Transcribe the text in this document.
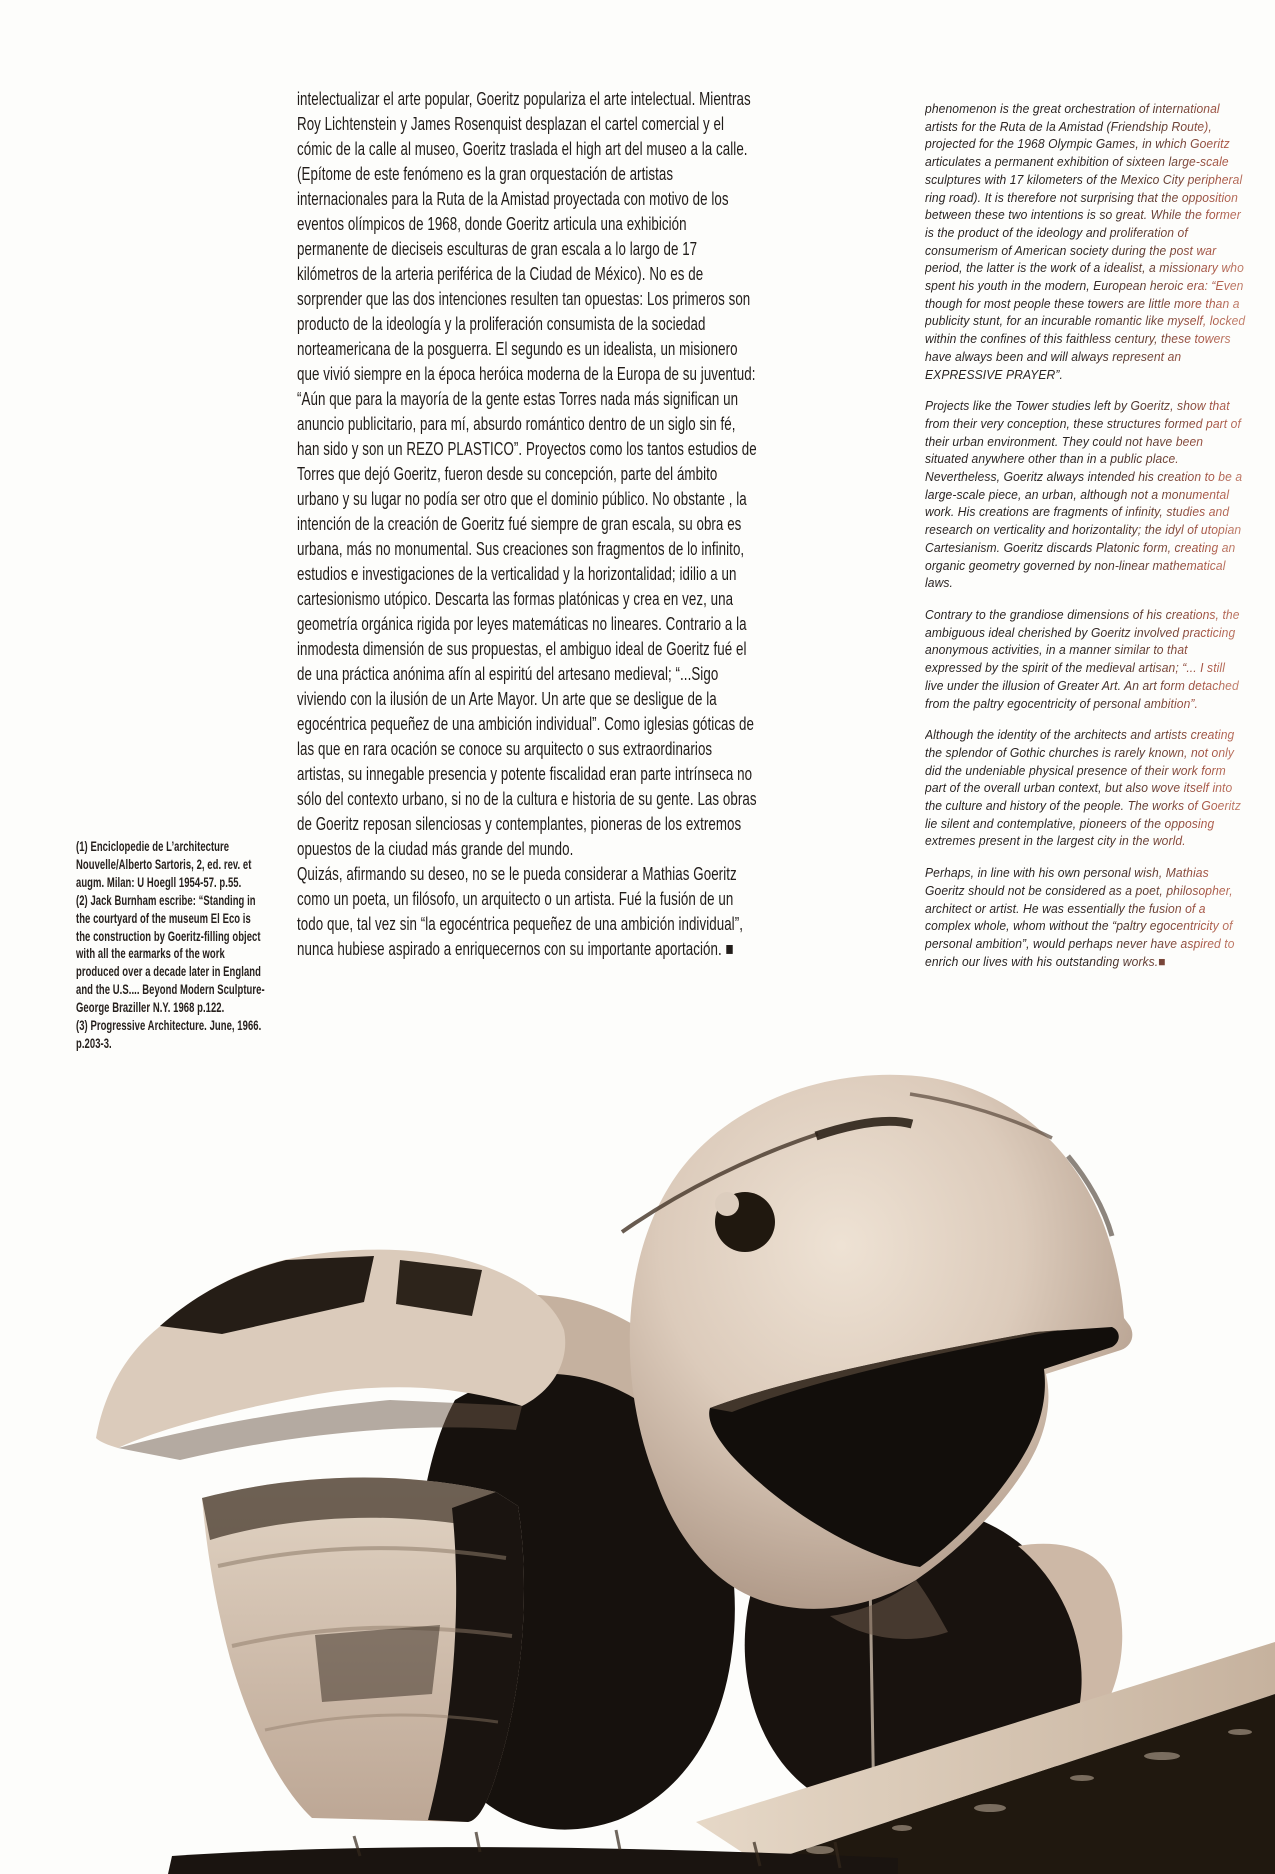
(1) Enciclopedie de L’architecture Nouvelle/Alberto Sartoris, 2, ed. rev. et augm. Milan: U Hoegll 1954-57. p.55.

(2) Jack Burnham escribe: “Standing in the courtyard of the museum El Eco is the construction by Goeritz-filling object with all the earmarks of the work produced over a decade later in England and the U.S.... Beyond Modern Sculpture- George Braziller N.Y. 1968 p.122.

(3) Progressive Architecture. June, 1966. p.203-3.

intelectualizar el arte popular, Goeritz populariza el arte intelectual. Mientras Roy Lichtenstein y James Rosenquist desplazan el cartel comercial y el cómic de la calle al museo, Goeritz traslada el high art del museo a la calle. (Epítome de este fenómeno es la gran orquestación de artistas internacionales para la Ruta de la Amistad proyectada con motivo de los eventos olímpicos de 1968, donde Goeritz articula una exhibición permanente de dieciseis esculturas de gran escala a lo largo de 17 kilómetros de la arteria periférica de la Ciudad de México). No es de sorprender que las dos intenciones resulten tan opuestas: Los primeros son producto de la ideología y la proliferación consumista de la sociedad norteamericana de la posguerra. El segundo es un idealista, un misionero que vivió siempre en la época heróica moderna de la Europa de su juventud: “Aún que para la mayoría de la gente estas Torres nada más significan un anuncio publicitario, para mí, absurdo romántico dentro de un siglo sin fé, han sido y son un REZO PLASTICO”. Proyectos como los tantos estudios de Torres que dejó Goeritz, fueron desde su concepción, parte del ámbito urbano y su lugar no podía ser otro que el dominio público. No obstante , la intención de la creación de Goeritz fué siempre de gran escala, su obra es urbana, más no monumental. Sus creaciones son fragmentos de lo infinito, estudios e investigaciones de la verticalidad y la horizontalidad; idilio a un cartesionismo utópico. Descarta las formas platónicas y crea en vez, una geometría orgánica rigida por leyes matemáticas no lineares. Contrario a la inmodesta dimensión de sus propuestas, el ambiguo ideal de Goeritz fué el de una práctica anónima afín al espiritú del artesano medieval; “...Sigo viviendo con la ilusión de un Arte Mayor. Un arte que se desligue de la egocéntrica pequeñez de una ambición individual”. Como iglesias góticas de las que en rara ocación se conoce su arquitecto o sus extraordinarios artistas, su innegable presencia y potente fiscalidad eran parte intrínseca no sólo del contexto urbano, si no de la cultura e historia de su gente. Las obras de Goeritz reposan silenciosas y contemplantes, pioneras de los extremos opuestos de la ciudad más grande del mundo.

Quizás, afirmando su deseo, no se le pueda considerar a Mathias Goeritz como un poeta, un filósofo, un arquitecto o un artista. Fué la fusión de un todo que, tal vez sin “la egocéntrica pequeñez de una ambición individual”, nunca hubiese aspirado a enriquecernos con su importante aportación. ■

phenomenon is the great orchestration of international artists for the Ruta de la Amistad (Friendship Route), projected for the 1968 Olympic Games, in which Goeritz articulates a permanent exhibition of sixteen large-scale sculptures with 17 kilometers of the Mexico City peripheral ring road). It is therefore not surprising that the opposition between these two intentions is so great. While the former is the product of the ideology and proliferation of consumerism of American society during the post war period, the latter is the work of a idealist, a missionary who spent his youth in the modern, European heroic era: “Even though for most people these towers are little more than a publicity stunt, for an incurable romantic like myself, locked within the confines of this faithless century, these towers have always been and will always represent an EXPRESSIVE PRAYER”.

Projects like the Tower studies left by Goeritz, show that from their very conception, these structures formed part of their urban environment. They could not have been situated anywhere other than in a public place. Nevertheless, Goeritz always intended his creation to be a large-scale piece, an urban, although not a monumental work. His creations are fragments of infinity, studies and research on verticality and horizontality; the idyl of utopian Cartesianism. Goeritz discards Platonic form, creating an organic geometry governed by non-linear mathematical laws.

Contrary to the grandiose dimensions of his creations, the ambiguous ideal cherished by Goeritz involved practicing anonymous activities, in a manner similar to that expressed by the spirit of the medieval artisan; “... I still live under the illusion of Greater Art. An art form detached from the paltry egocentricity of personal ambition”.

Although the identity of the architects and artists creating the splendor of Gothic churches is rarely known, not only did the undeniable physical presence of their work form part of the overall urban context, but also wove itself into the culture and history of the people. The works of Goeritz lie silent and contemplative, pioneers of the opposing extremes present in the largest city in the world.

Perhaps, in line with his own personal wish, Mathias Goeritz should not be considered as a poet, philosopher, architect or artist. He was essentially the fusion of a complex whole, whom without the “paltry egocentricity of personal ambition”, would perhaps never have aspired to enrich our lives with his outstanding works.■
